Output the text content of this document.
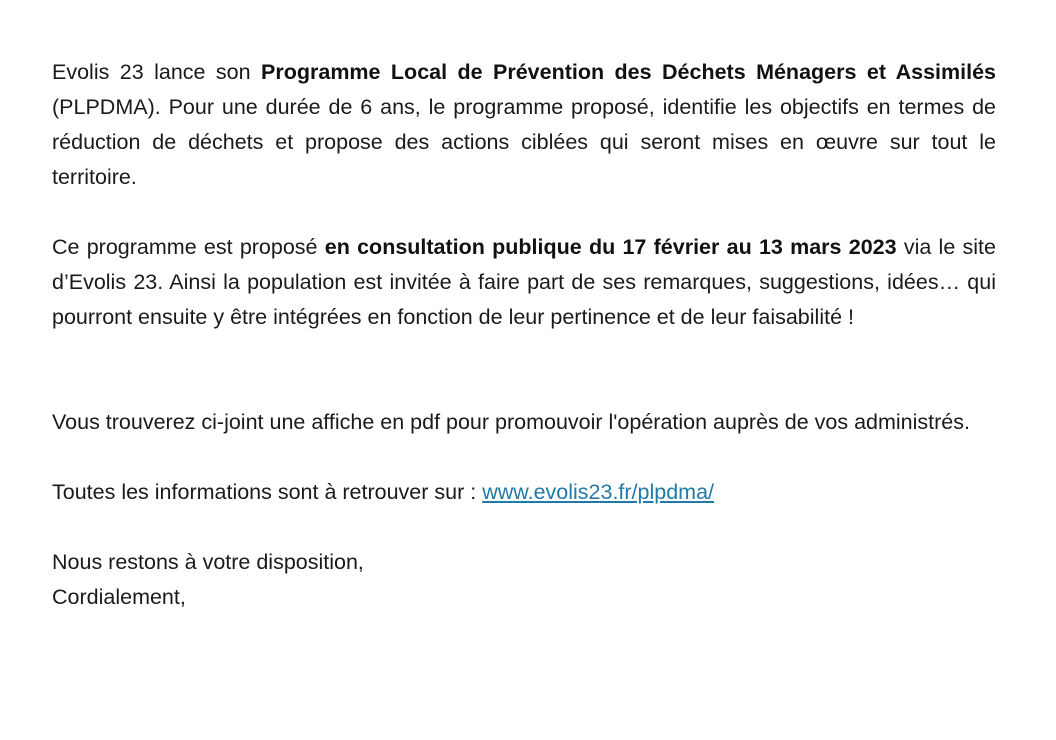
Evolis 23 lance son Programme Local de Prévention des Déchets Ménagers et Assimilés (PLPDMA). Pour une durée de 6 ans, le programme proposé, identifie les objectifs en termes de réduction de déchets et propose des actions ciblées qui seront mises en œuvre sur tout le territoire.

Ce programme est proposé en consultation publique du 17 février au 13 mars 2023 via le site d’Evolis 23. Ainsi la population est invitée à faire part de ses remarques, suggestions, idées… qui pourront ensuite y être intégrées en fonction de leur pertinence et de leur faisabilité !

Vous trouverez ci-joint une affiche en pdf pour promouvoir l'opération auprès de vos administrés.

Toutes les informations sont à retrouver sur : www.evolis23.fr/plpdma/

Nous restons à votre disposition,

Cordialement,
